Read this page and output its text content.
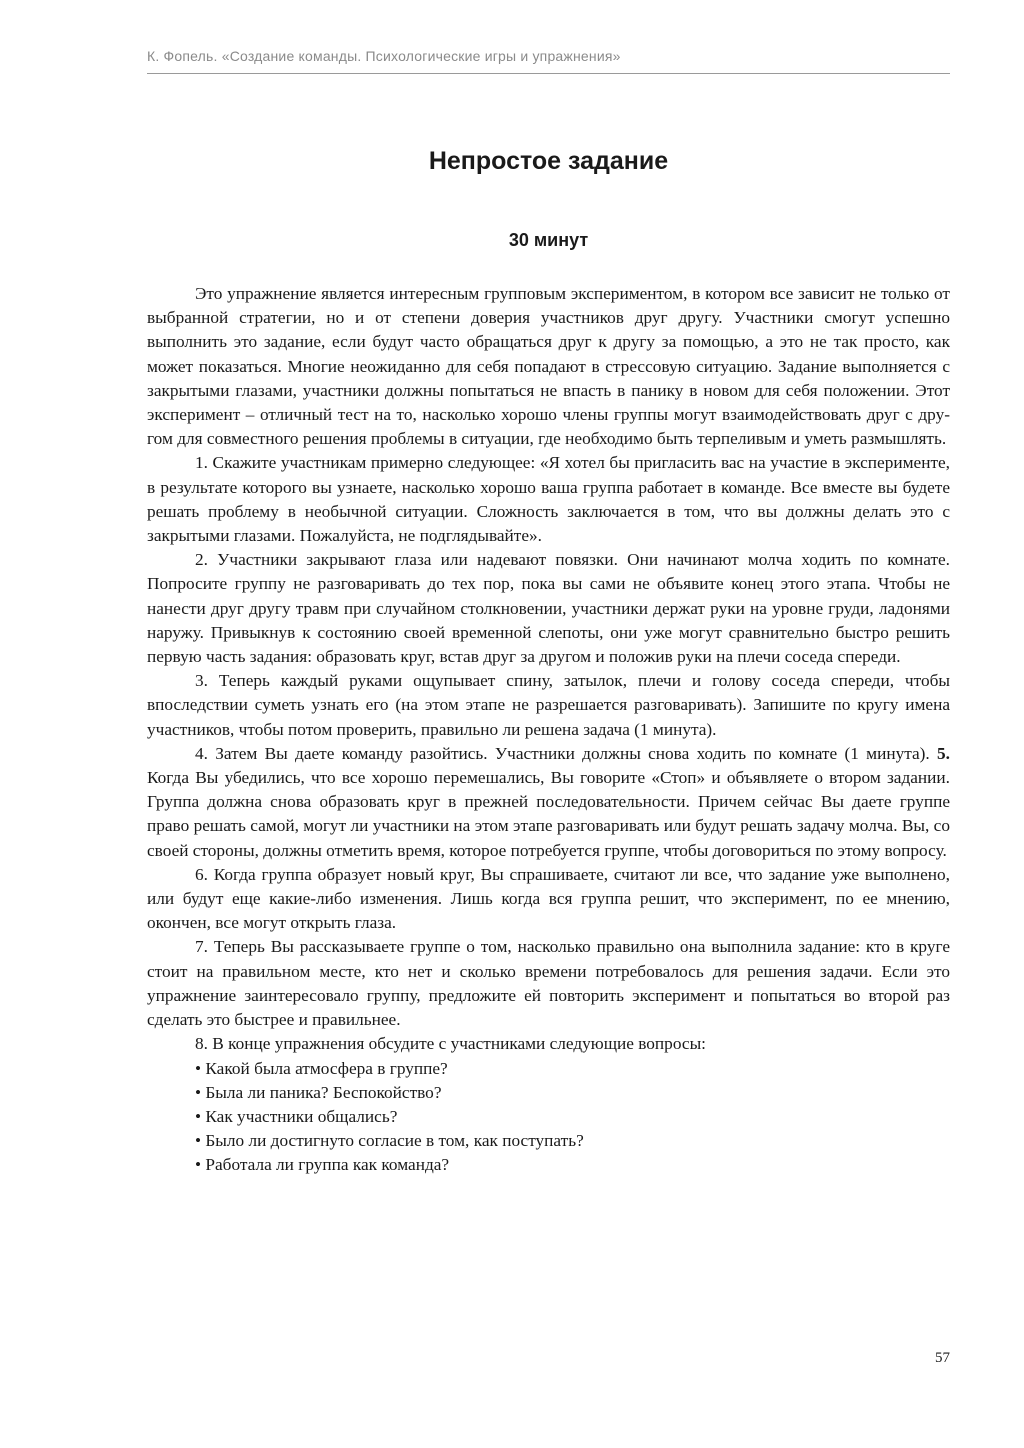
К. Фопель. «Создание команды. Психологические игры и упражнения»
Непростое задание
30 минут

Это упражнение является интересным групповым экспериментом, в котором все зависит не только от выбранной стратегии, но и от степени доверия участников друг другу. Участники смогут успешно выполнить это задание, если будут часто обращаться друг к другу за помощью, а это не так просто, как может показаться. Многие неожиданно для себя попадают в стрессовую ситуацию. Задание выполняется с закрытыми глазами, участники должны попытаться не впасть в панику в новом для себя положении. Этот эксперимент – отличный тест на то, насколько хорошо члены группы могут взаимодействовать друг с другом для совместного решения проблемы в ситуации, где необходимо быть терпеливым и уметь размышлять.

1. Скажите участникам примерно следующее: «Я хотел бы пригласить вас на участие в эксперименте, в результате которого вы узнаете, насколько хорошо ваша группа работает в команде. Все вместе вы будете решать проблему в необычной ситуации. Сложность заключается в том, что вы должны делать это с закрытыми глазами. Пожалуйста, не подглядывайте».

2. Участники закрывают глаза или надевают повязки. Они начинают молча ходить по комнате. Попросите группу не разговаривать до тех пор, пока вы сами не объявите конец этого этапа. Чтобы не нанести друг другу травм при случайном столкновении, участники держат руки на уровне груди, ладонями наружу. Привыкнув к состоянию своей временной слепоты, они уже могут сравнительно быстро решить первую часть задания: образовать круг, встав друг за другом и положив руки на плечи соседа спереди.

3. Теперь каждый руками ощупывает спину, затылок, плечи и голову соседа спереди, чтобы впоследствии суметь узнать его (на этом этапе не разрешается разговаривать). Запишите по кругу имена участников, чтобы потом проверить, правильно ли решена задача (1 минута).

4. Затем Вы даете команду разойтись. Участники должны снова ходить по комнате (1 минута). 5. Когда Вы убедились, что все хорошо перемешались, Вы говорите «Стоп» и объявляете о втором задании. Группа должна снова образовать круг в прежней последовательности. Причем сейчас Вы даете группе право решать самой, могут ли участники на этом этапе разговаривать или будут решать задачу молча. Вы, со своей стороны, должны отметить время, которое потребуется группе, чтобы договориться по этому вопросу.

6. Когда группа образует новый круг, Вы спрашиваете, считают ли все, что задание уже выполнено, или будут еще какие-либо изменения. Лишь когда вся группа решит, что эксперимент, по ее мнению, окончен, все могут открыть глаза.

7. Теперь Вы рассказываете группе о том, насколько правильно она выполнила задание: кто в круге стоит на правильном месте, кто нет и сколько времени потребовалось для решения задачи. Если это упражнение заинтересовало группу, предложите ей повторить эксперимент и попытаться во второй раз сделать это быстрее и правильнее.

8. В конце упражнения обсудите с участниками следующие вопросы:

• Какой была атмосфера в группе?

• Была ли паника? Беспокойство?

• Как участники общались?

• Было ли достигнуто согласие в том, как поступать?

• Работала ли группа как команда?

57
